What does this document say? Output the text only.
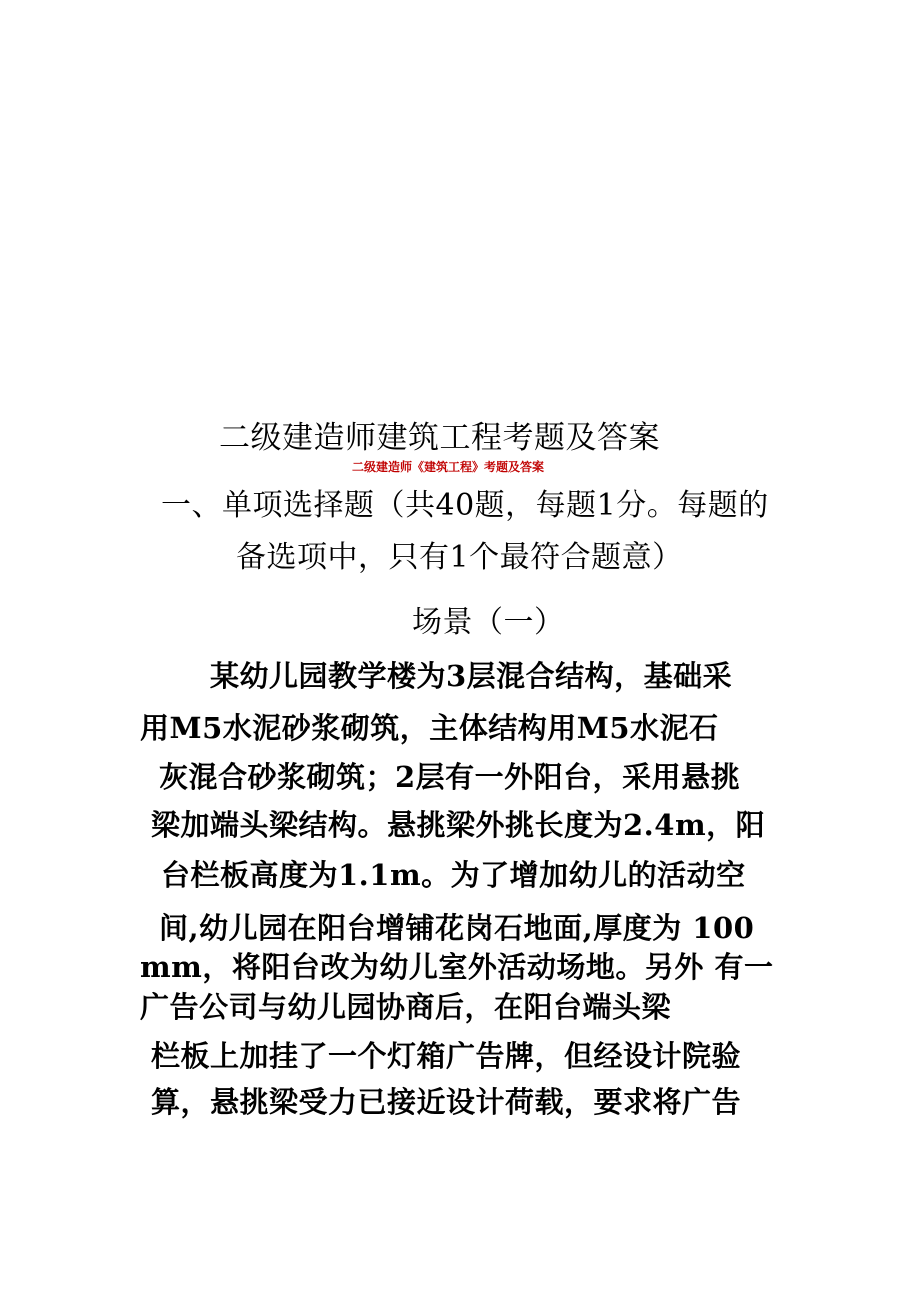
二级建造师建筑工程考题及答案
二级建造师《建筑工程》考题及答案
一、单项选择题（共40题，每题1分。每题的
备选项中，只有1个最符合题意）
场景（一）
某幼儿园教学楼为3层混合结构，基础采
用M5水泥砂浆砌筑，主体结构用M5水泥石
灰混合砂浆砌筑；2层有一外阳台，采用悬挑
梁加端头梁结构。悬挑梁外挑长度为2.4m，阳
台栏板高度为1.1m。为了增加幼儿的活动空
间,幼儿园在阳台增铺花岗石地面,厚度为 100
mm，将阳台改为幼儿室外活动场地。另外 有一
广告公司与幼儿园协商后，在阳台端头梁
栏板上加挂了一个灯箱广告牌，但经设计院验
算，悬挑梁受力已接近设计荷载，要求将广告
